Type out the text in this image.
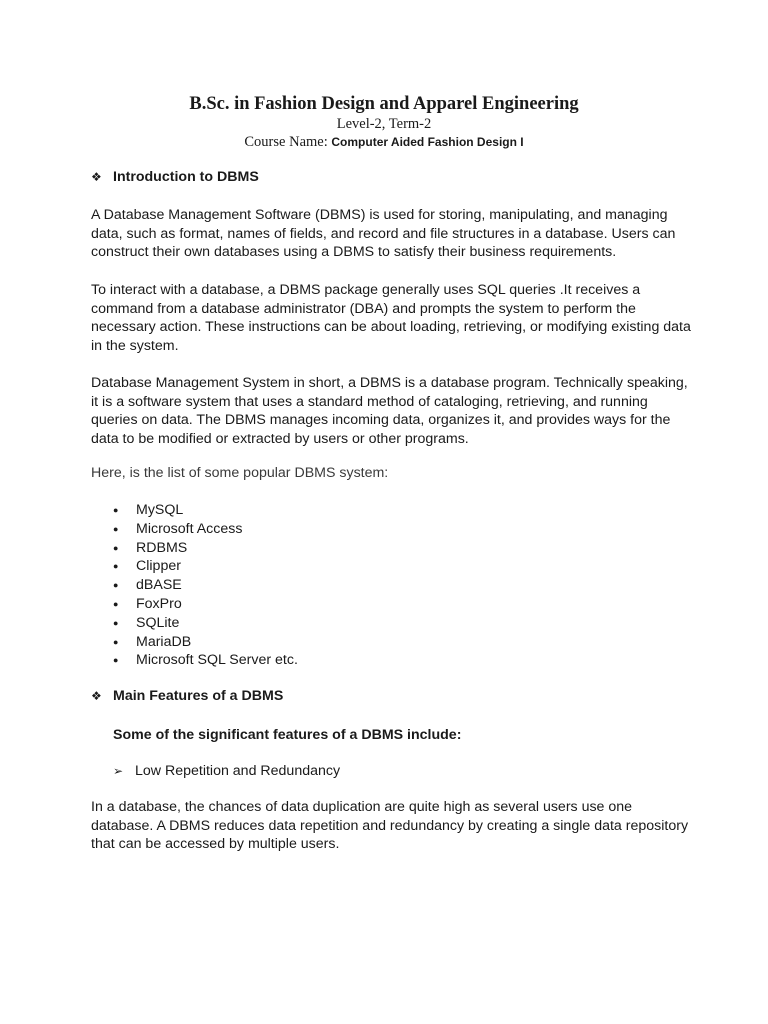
B.Sc. in Fashion Design and Apparel Engineering
Level-2, Term-2
Course Name: Computer Aided Fashion Design I
❖ Introduction to DBMS

A Database Management Software (DBMS) is used for storing, manipulating, and managing data, such as format, names of fields, and record and file structures in a database. Users can construct their own databases using a DBMS to satisfy their business requirements.

To interact with a database, a DBMS package generally uses SQL queries .It receives a command from a database administrator (DBA) and prompts the system to perform the necessary action. These instructions can be about loading, retrieving, or modifying existing data in the system.

Database Management System in short, a DBMS is a database program. Technically speaking, it is a software system that uses a standard method of cataloging, retrieving, and running queries on data. The DBMS manages incoming data, organizes it, and provides ways for the data to be modified or extracted by users or other programs.

Here, is the list of some popular DBMS system:

● MySQL
● Microsoft Access
● RDBMS
● Clipper
● dBASE
● FoxPro
● SQLite
● MariaDB
● Microsoft SQL Server etc.
❖ Main Features of a DBMS
Some of the significant features of a DBMS include:
➢ Low Repetition and Redundancy

In a database, the chances of data duplication are quite high as several users use one database. A DBMS reduces data repetition and redundancy by creating a single data repository that can be accessed by multiple users.
